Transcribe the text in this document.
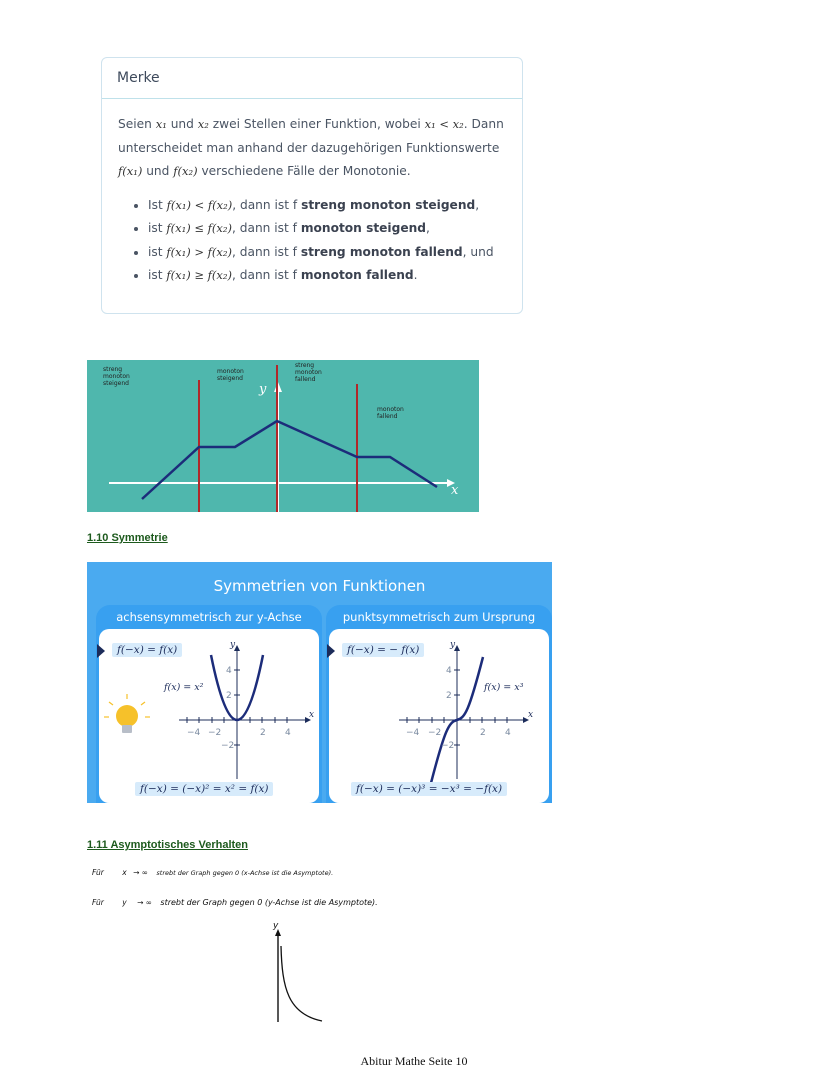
Merke
Seien x₁ und x₂ zwei Stellen einer Funktion, wobei x₁ < x₂. Dann unterscheidet man anhand der dazugehörigen Funktionswerte f(x₁) und f(x₂) verschiedene Fälle der Monotonie.
• Ist f(x₁) < f(x₂), dann ist f streng monoton steigend,
• ist f(x₁) ≤ f(x₂), dann ist f monoton steigend,
• ist f(x₁) > f(x₂), dann ist f streng monoton fallend, und
• ist f(x₁) ≥ f(x₂), dann ist f monoton fallend.
y
x
streng monoton steigend
monoton steigend
streng monoton fallend
monoton fallend
1.10 Symmetrie
Symmetrien von Funktionen
achsensymmetrisch zur y-Achse
−4 −2	2 4
4
2
−2
x
y
f(x) = x²
f(−x) = f(x)
f(−x) = (−x)² = x² = f(x)
punktsymmetrisch zum Ursprung
−4 −2	2 4
4
2
−2
x
y
f(x) = x³
f(−x) = − f(x)
f(−x) = (−x)³ = −x³ = −f(x)
1.11 Asymptotisches Verhalten
Für x → ∞ strebt der Graph gegen 0 (x-Achse ist die Asymptote).
Für y → ∞ strebt der Graph gegen 0 (y-Achse ist die Asymptote).
y
Abitur Mathe Seite 10
